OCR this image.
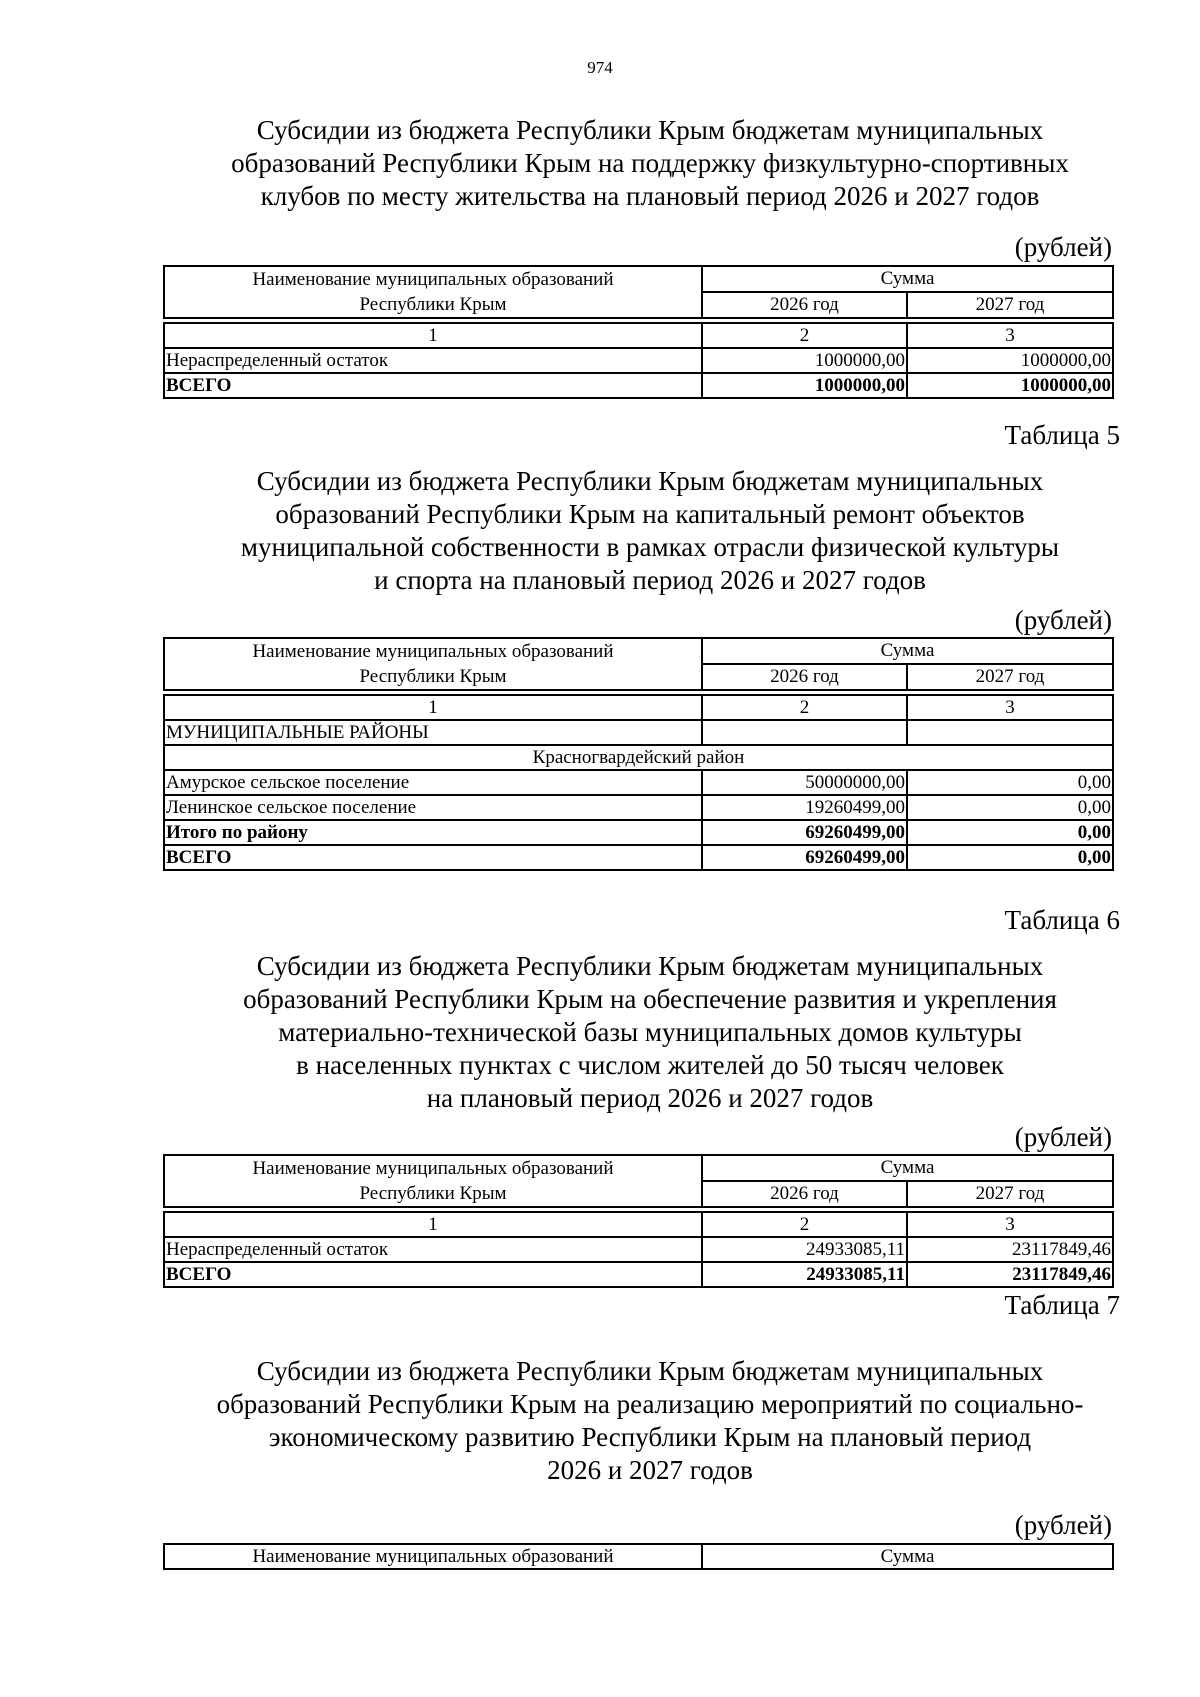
974
Субсидии из бюджета Республики Крым бюджетам муниципальных
образований Республики Крым на поддержку физкультурно-спортивных
клубов по месту жительства на плановый период 2026 и 2027 годов
(рублей)
Наименование муниципальных образований
Республики Крым	Сумма	
	2026 год	2027 год

1	2	3
Нераспределенный остаток	1000000,00	1000000,00
ВСЕГО	1000000,00	1000000,00
Таблица 5
Субсидии из бюджета Республики Крым бюджетам муниципальных
образований Республики Крым на капитальный ремонт объектов
муниципальной собственности в рамках отрасли физической культуры
и спорта на плановый период 2026 и 2027 годов
(рублей)
Наименование муниципальных образований
Республики Крым	Сумма	
	2026 год	2027 год

1	2	3
МУНИЦИПАЛЬНЫЕ РАЙОНЫ		
Красногвардейский район		
Амурское сельское поселение	50000000,00	0,00
Ленинское сельское поселение	19260499,00	0,00
Итого по району	69260499,00	0,00
ВСЕГО	69260499,00	0,00
Таблица 6
Субсидии из бюджета Республики Крым бюджетам муниципальных
образований Республики Крым на обеспечение развития и укрепления
материально-технической базы муниципальных домов культуры
в населенных пунктах с числом жителей до 50 тысяч человек
на плановый период 2026 и 2027 годов
(рублей)
Наименование муниципальных образований
Республики Крым	Сумма	
	2026 год	2027 год

1	2	3
Нераспределенный остаток	24933085,11	23117849,46
ВСЕГО	24933085,11	23117849,46
Таблица 7
Субсидии из бюджета Республики Крым бюджетам муниципальных
образований Республики Крым на реализацию мероприятий по социально-
экономическому развитию Республики Крым на плановый период
2026 и 2027 годов
(рублей)
Наименование муниципальных образований	Сумма
